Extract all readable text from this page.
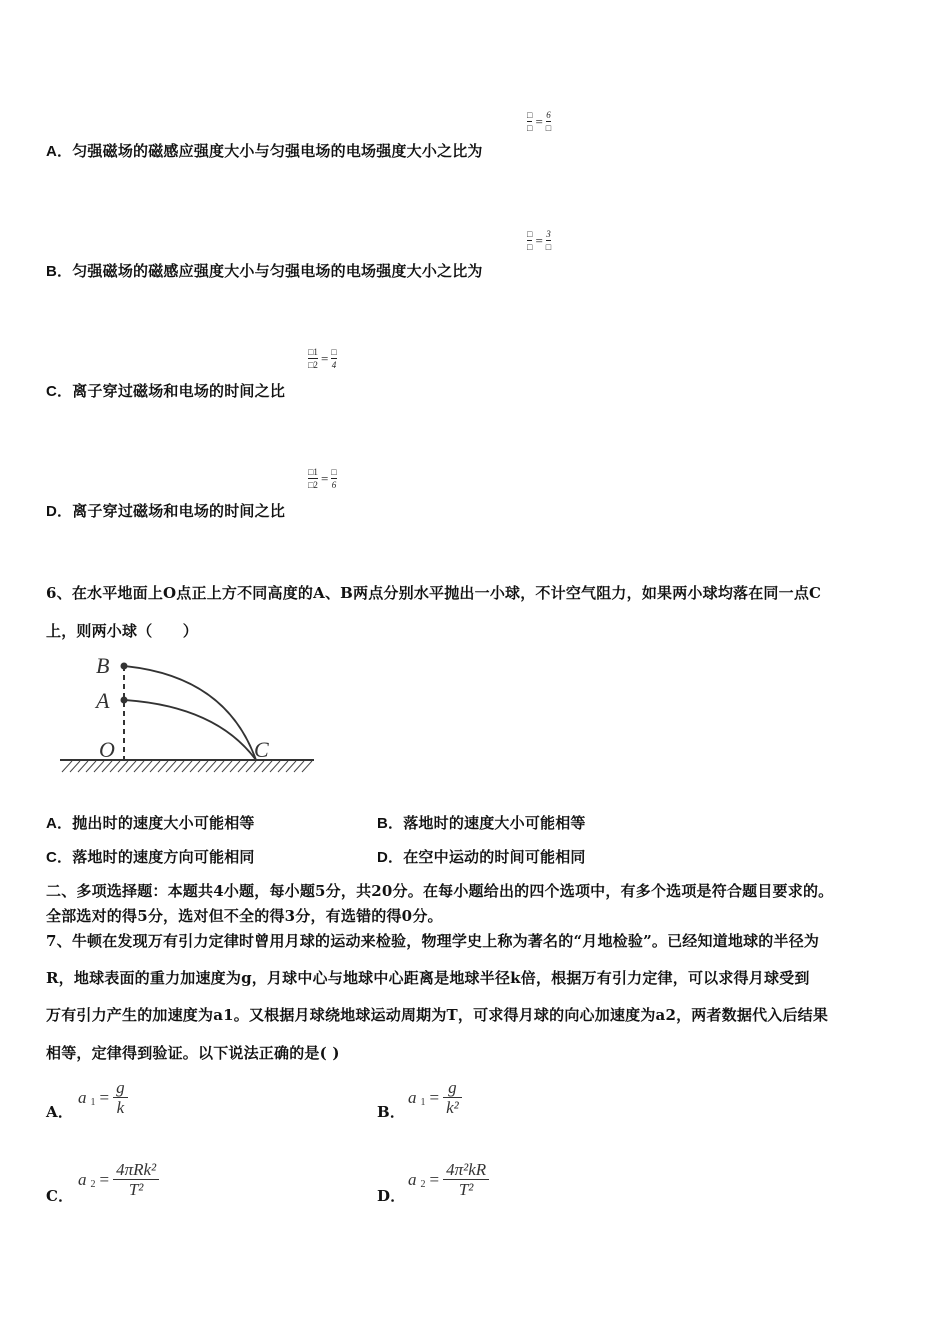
$\frac{□}{□} = \frac{6}{□}$
A．匀强磁场的磁感应强度大小与匀强电场的电场强度大小之比为
$\frac{□}{□} = \frac{3}{□}$
B．匀强磁场的磁感应强度大小与匀强电场的电场强度大小之比为
$\frac{□1}{□2} = \frac{□}{4}$
C．离子穿过磁场和电场的时间之比
$\frac{□1}{□2} = \frac{□}{6}$
D．离子穿过磁场和电场的时间之比
6、在水平地面上O点正上方不同高度的A、B两点分别水平抛出一小球，不计空气阻力，如果两小球均落在同一点C
上，则两小球（　　）
B
A
O	C
A．抛出时的速度大小可能相等	B．落地时的速度大小可能相等
C．落地时的速度方向可能相同	D．在空中运动的时间可能相同
二、多项选择题：本题共4小题，每小题5分，共20分。在每小题给出的四个选项中，有多个选项是符合题目要求的。
全部选对的得5分，选对但不全的得3分，有选错的得0分。
7、牛顿在发现万有引力定律时曾用月球的运动来检验，物理学史上称为著名的“月地检验”。已经知道地球的半径为
R，地球表面的重力加速度为g，月球中心与地球中心距离是地球半径k倍，根据万有引力定律，可以求得月球受到
万有引力产生的加速度为a1。又根据月球绕地球运动周期为T，可求得月球的向心加速度为a2，两者数据代入后结果
相等，定律得到验证。以下说法正确的是( )
A．
a 1 = g
k	B．
a 1 = g
k²
C．
a 2 = 4πRk²
T²	D．
a 2 = 4π²kR
T²
